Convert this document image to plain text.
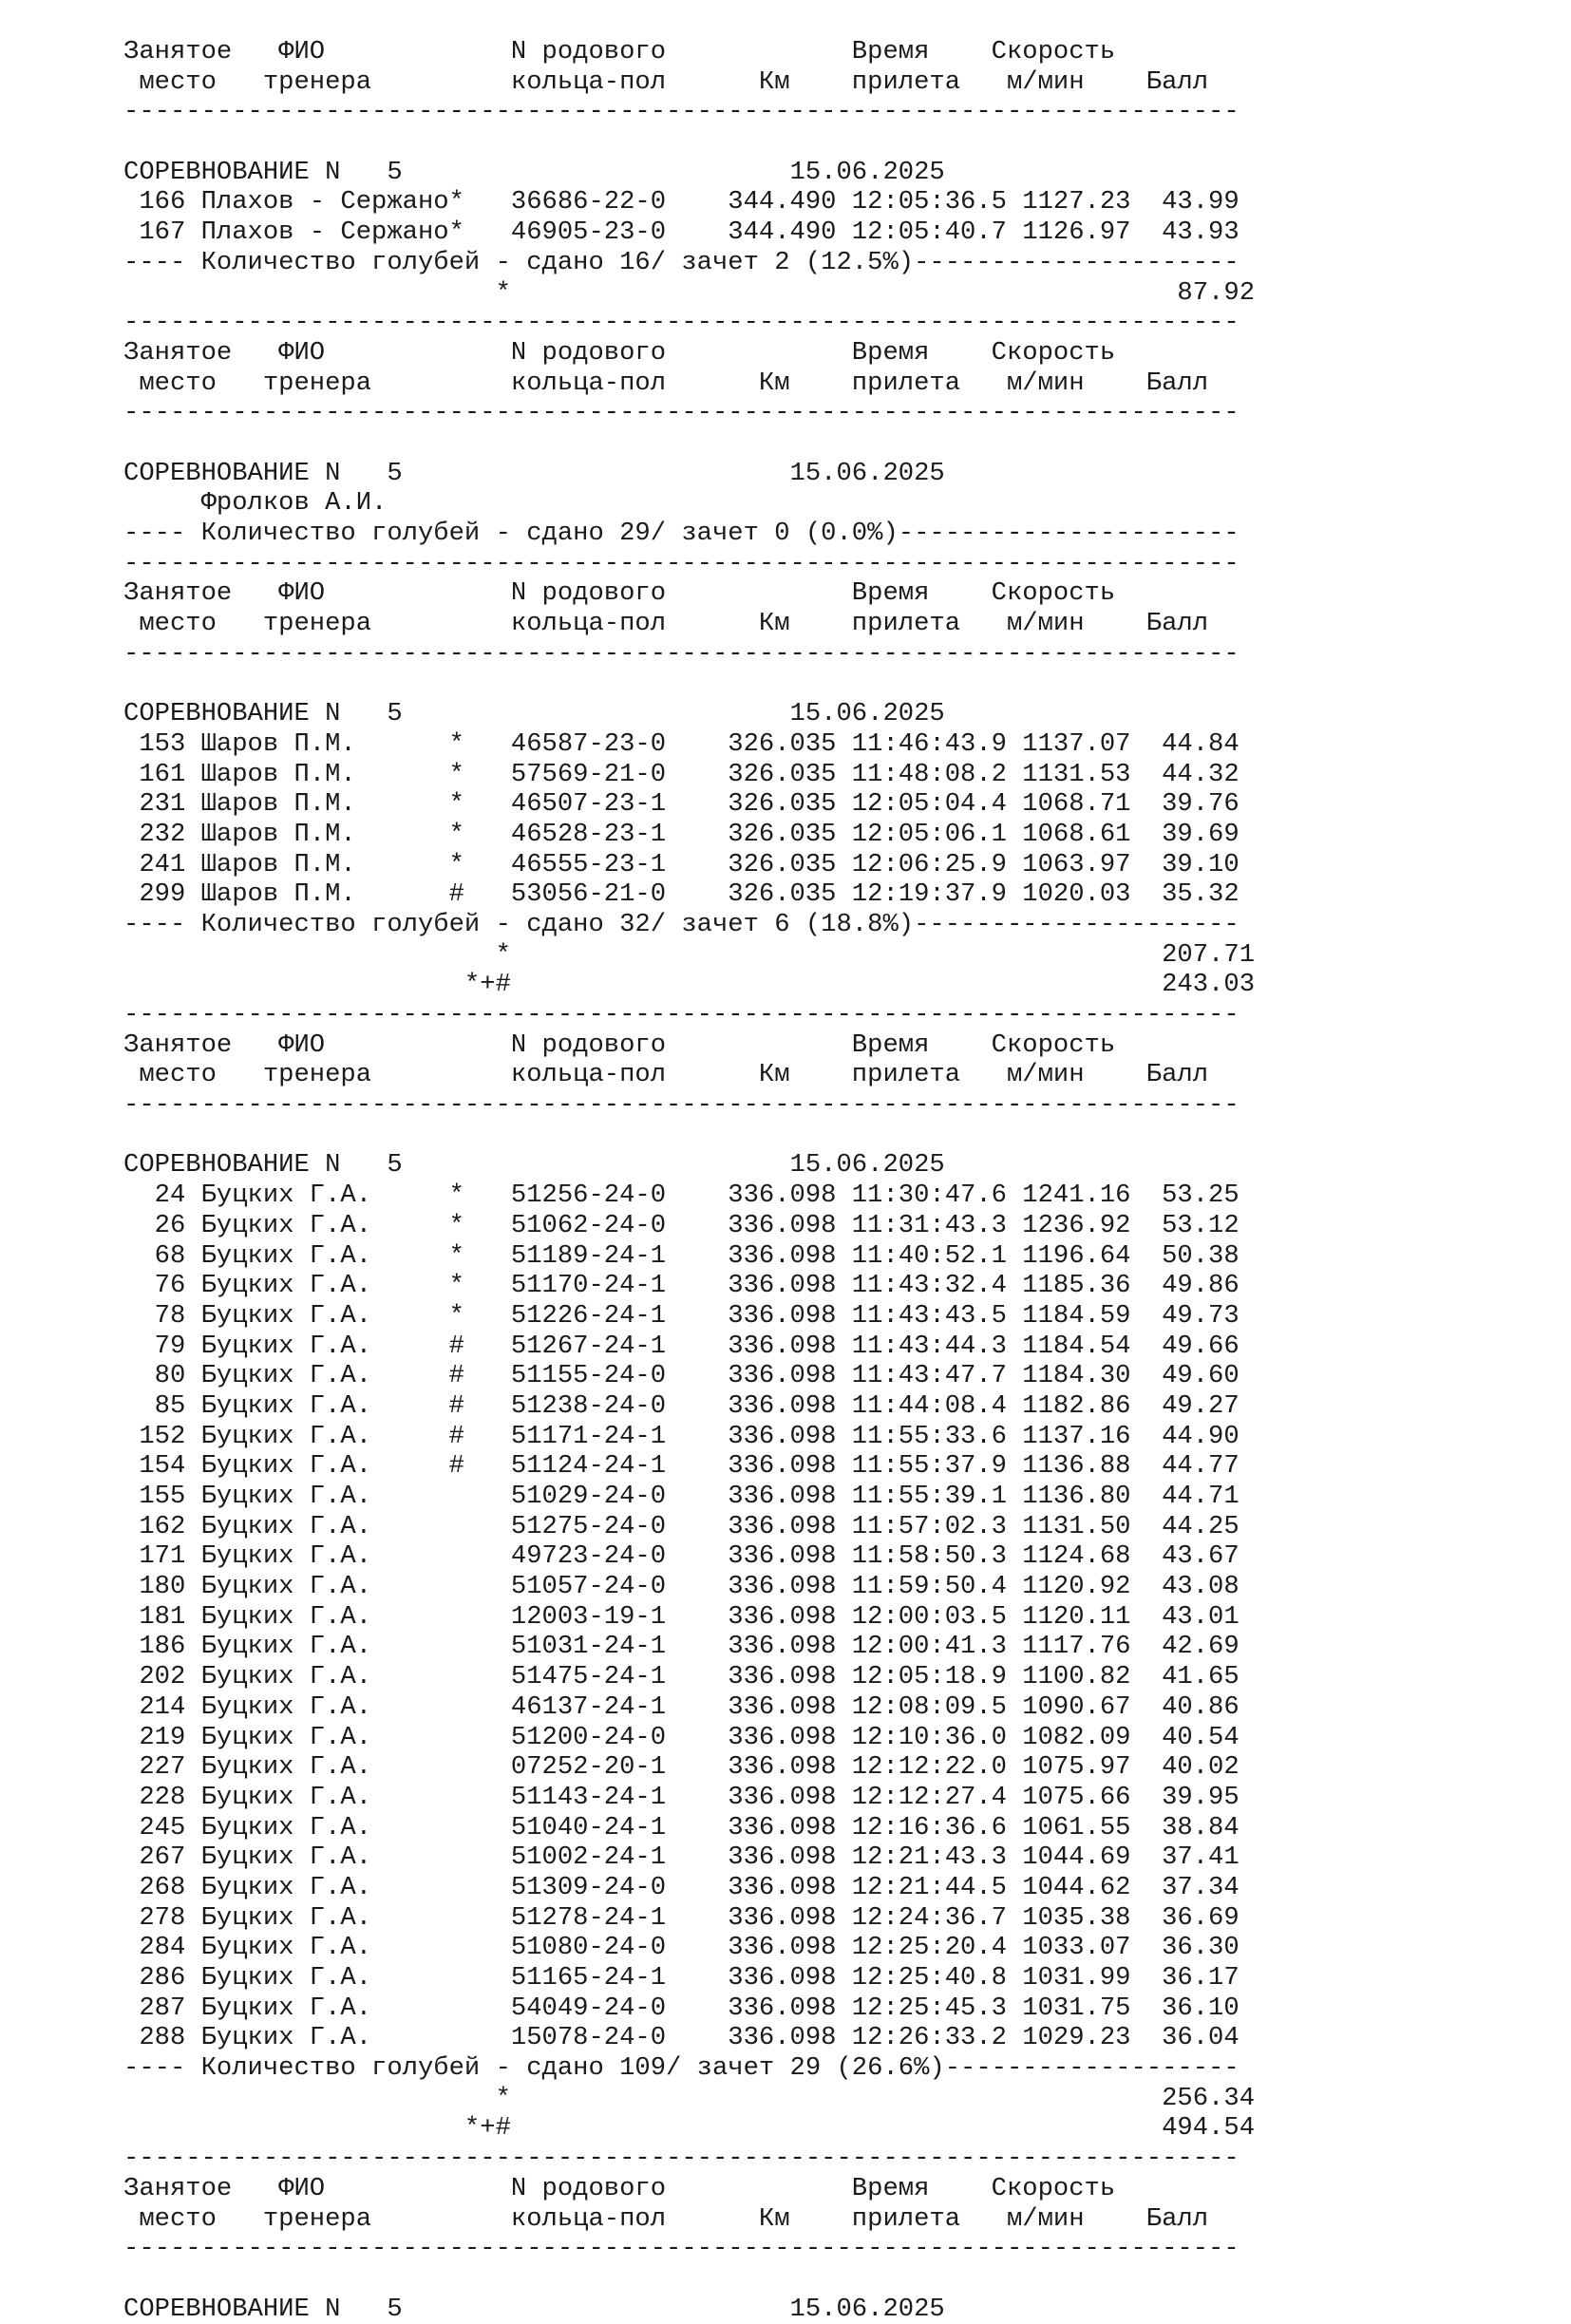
Занятое   ФИО            N родового            Время    Скорость
место   тренера         кольца-пол      Км    прилета   м/мин    Балл
------------------------------------------------------------------------
СОРЕВНОВАНИЕ N   5                         15.06.2025
166 Плахов - Сержано*   36686-22-0    344.490 12:05:36.5 1127.23  43.99
167 Плахов - Сержано*   46905-23-0    344.490 12:05:40.7 1126.97  43.93
---- Количество голубей - сдано 16/ зачет 2 (12.5%)---------------------
*                                           87.92
------------------------------------------------------------------------
Занятое   ФИО            N родового            Время    Скорость
место   тренера         кольца-пол      Км    прилета   м/мин    Балл
------------------------------------------------------------------------
СОРЕВНОВАНИЕ N   5                         15.06.2025
Фролков А.И.
---- Количество голубей - сдано 29/ зачет 0 (0.0%)----------------------
------------------------------------------------------------------------
Занятое   ФИО            N родового            Время    Скорость
место   тренера         кольца-пол      Км    прилета   м/мин    Балл
------------------------------------------------------------------------
СОРЕВНОВАНИЕ N   5                         15.06.2025
153 Шаров П.М.      *   46587-23-0    326.035 11:46:43.9 1137.07  44.84
161 Шаров П.М.      *   57569-21-0    326.035 11:48:08.2 1131.53  44.32
231 Шаров П.М.      *   46507-23-1    326.035 12:05:04.4 1068.71  39.76
232 Шаров П.М.      *   46528-23-1    326.035 12:05:06.1 1068.61  39.69
241 Шаров П.М.      *   46555-23-1    326.035 12:06:25.9 1063.97  39.10
299 Шаров П.М.      #   53056-21-0    326.035 12:19:37.9 1020.03  35.32
---- Количество голубей - сдано 32/ зачет 6 (18.8%)---------------------
*                                          207.71
*+#                                          243.03
------------------------------------------------------------------------
Занятое   ФИО            N родового            Время    Скорость
место   тренера         кольца-пол      Км    прилета   м/мин    Балл
------------------------------------------------------------------------
СОРЕВНОВАНИЕ N   5                         15.06.2025
24 Буцких Г.А.     *   51256-24-0    336.098 11:30:47.6 1241.16  53.25
26 Буцких Г.А.     *   51062-24-0    336.098 11:31:43.3 1236.92  53.12
68 Буцких Г.А.     *   51189-24-1    336.098 11:40:52.1 1196.64  50.38
76 Буцких Г.А.     *   51170-24-1    336.098 11:43:32.4 1185.36  49.86
78 Буцких Г.А.     *   51226-24-1    336.098 11:43:43.5 1184.59  49.73
79 Буцких Г.А.     #   51267-24-1    336.098 11:43:44.3 1184.54  49.66
80 Буцких Г.А.     #   51155-24-0    336.098 11:43:47.7 1184.30  49.60
85 Буцких Г.А.     #   51238-24-0    336.098 11:44:08.4 1182.86  49.27
152 Буцких Г.А.     #   51171-24-1    336.098 11:55:33.6 1137.16  44.90
154 Буцких Г.А.     #   51124-24-1    336.098 11:55:37.9 1136.88  44.77
155 Буцких Г.А.         51029-24-0    336.098 11:55:39.1 1136.80  44.71
162 Буцких Г.А.         51275-24-0    336.098 11:57:02.3 1131.50  44.25
171 Буцких Г.А.         49723-24-0    336.098 11:58:50.3 1124.68  43.67
180 Буцких Г.А.         51057-24-0    336.098 11:59:50.4 1120.92  43.08
181 Буцких Г.А.         12003-19-1    336.098 12:00:03.5 1120.11  43.01
186 Буцких Г.А.         51031-24-1    336.098 12:00:41.3 1117.76  42.69
202 Буцких Г.А.         51475-24-1    336.098 12:05:18.9 1100.82  41.65
214 Буцких Г.А.         46137-24-1    336.098 12:08:09.5 1090.67  40.86
219 Буцких Г.А.         51200-24-0    336.098 12:10:36.0 1082.09  40.54
227 Буцких Г.А.         07252-20-1    336.098 12:12:22.0 1075.97  40.02
228 Буцких Г.А.         51143-24-1    336.098 12:12:27.4 1075.66  39.95
245 Буцких Г.А.         51040-24-1    336.098 12:16:36.6 1061.55  38.84
267 Буцких Г.А.         51002-24-1    336.098 12:21:43.3 1044.69  37.41
268 Буцких Г.А.         51309-24-0    336.098 12:21:44.5 1044.62  37.34
278 Буцких Г.А.         51278-24-1    336.098 12:24:36.7 1035.38  36.69
284 Буцких Г.А.         51080-24-0    336.098 12:25:20.4 1033.07  36.30
286 Буцких Г.А.         51165-24-1    336.098 12:25:40.8 1031.99  36.17
287 Буцких Г.А.         54049-24-0    336.098 12:25:45.3 1031.75  36.10
288 Буцких Г.А.         15078-24-0    336.098 12:26:33.2 1029.23  36.04
---- Количество голубей - сдано 109/ зачет 29 (26.6%)-------------------
*                                          256.34
*+#                                          494.54
------------------------------------------------------------------------
Занятое   ФИО            N родового            Время    Скорость
место   тренера         кольца-пол      Км    прилета   м/мин    Балл
------------------------------------------------------------------------
СОРЕВНОВАНИЕ N   5                         15.06.2025
